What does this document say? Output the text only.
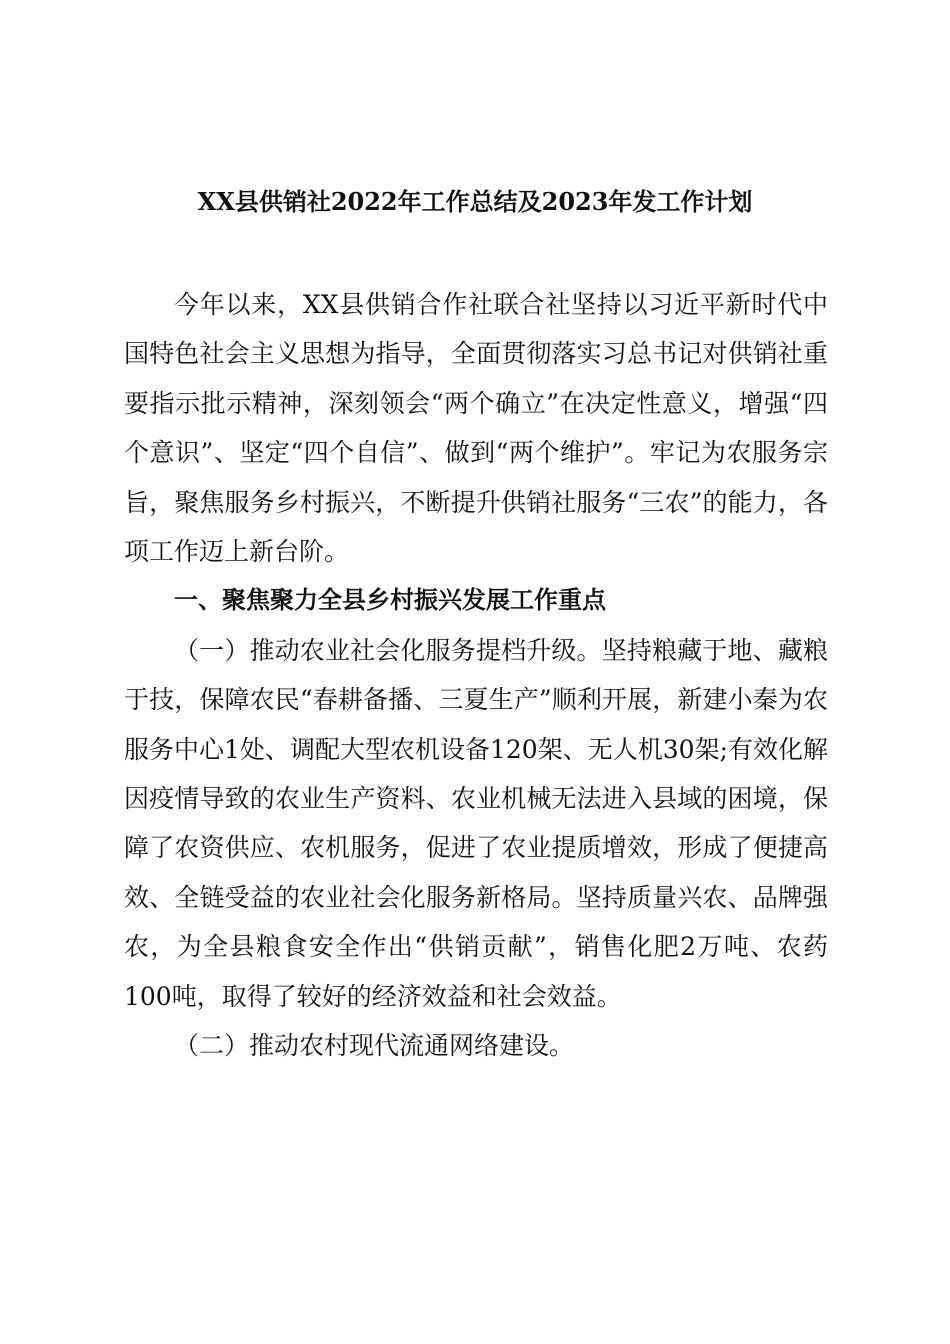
XX县供销社2022年工作总结及2023年发工作计划

今年以来，XX县供销合作社联合社坚持以习近平新时代中国特色社会主义思想为指导，全面贯彻落实习总书记对供销社重要指示批示精神，深刻领会“两个确立”在决定性意义，增强“四个意识”、坚定“四个自信”、做到“两个维护”。牢记为农服务宗旨，聚焦服务乡村振兴，不断提升供销社服务“三农”的能力，各项工作迈上新台阶。

一、聚焦聚力全县乡村振兴发展工作重点

（一）推动农业社会化服务提档升级。坚持粮藏于地、藏粮于技，保障农民“春耕备播、三夏生产”顺利开展，新建小秦为农服务中心1处、调配大型农机设备120架、无人机30架;有效化解因疫情导致的农业生产资料、农业机械无法进入县域的困境，保障了农资供应、农机服务，促进了农业提质增效，形成了便捷高效、全链受益的农业社会化服务新格局。坚持质量兴农、品牌强农，为全县粮食安全作出“供销贡献”，销售化肥2万吨、农药100吨，取得了较好的经济效益和社会效益。

（二）推动农村现代流通网络建设。
